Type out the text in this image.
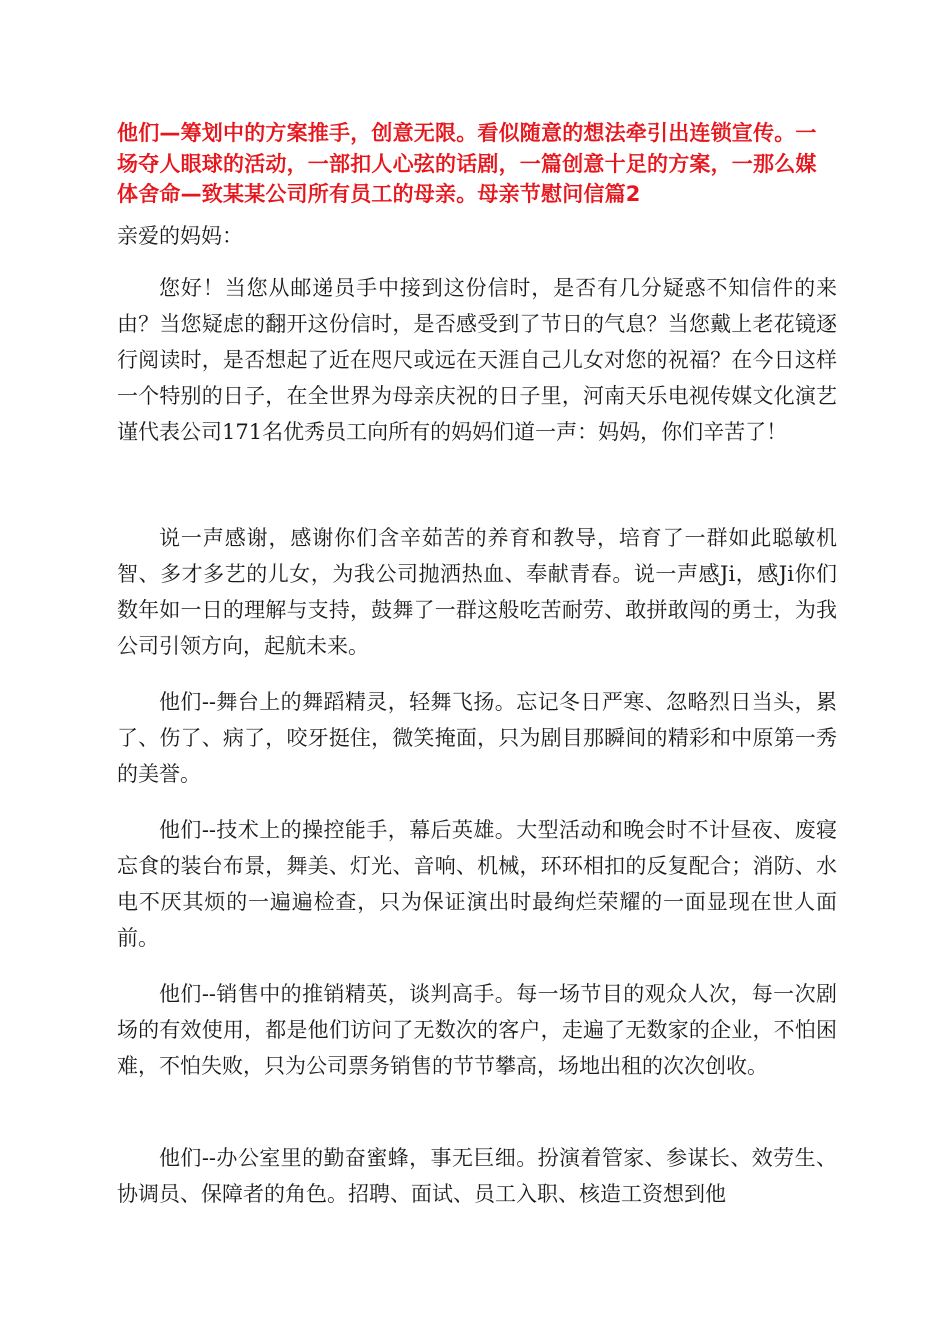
他们—筹划中的方案推手，创意无限。看似随意的想法牵引出连锁宣传。一场夺人眼球的活动，一部扣人心弦的话剧，一篇创意十足的方案，一那么媒体舍命—致某某公司所有员工的母亲。母亲节慰问信篇2

亲爱的妈妈：

您好！当您从邮递员手中接到这份信时，是否有几分疑惑不知信件的来由？当您疑虑的翻开这份信时，是否感受到了节日的气息？当您戴上老花镜逐行阅读时，是否想起了近在咫尺或远在天涯自己儿女对您的祝福？在今日这样一个特别的日子，在全世界为母亲庆祝的日子里，河南天乐电视传媒文化演艺谨代表公司171名优秀员工向所有的妈妈们道一声：妈妈，你们辛苦了！

说一声感谢，感谢你们含辛茹苦的养育和教导，培育了一群如此聪敏机智、多才多艺的儿女，为我公司抛洒热血、奉献青春。说一声感Ji，感Ji你们数年如一日的理解与支持，鼓舞了一群这般吃苦耐劳、敢拼敢闯的勇士，为我公司引领方向，起航未来。

他们--舞台上的舞蹈精灵，轻舞飞扬。忘记冬日严寒、忽略烈日当头，累了、伤了、病了，咬牙挺住，微笑掩面，只为剧目那瞬间的精彩和中原第一秀的美誉。

他们--技术上的操控能手，幕后英雄。大型活动和晚会时不计昼夜、废寝忘食的装台布景，舞美、灯光、音响、机械，环环相扣的反复配合；消防、水电不厌其烦的一遍遍检查，只为保证演出时最绚烂荣耀的一面显现在世人面前。

他们--销售中的推销精英，谈判高手。每一场节目的观众人次，每一次剧场的有效使用，都是他们访问了无数次的客户，走遍了无数家的企业，不怕困难，不怕失败，只为公司票务销售的节节攀高，场地出租的次次创收。

他们--办公室里的勤奋蜜蜂，事无巨细。扮演着管家、参谋长、效劳生、协调员、保障者的角色。招聘、面试、员工入职、核造工资想到他
